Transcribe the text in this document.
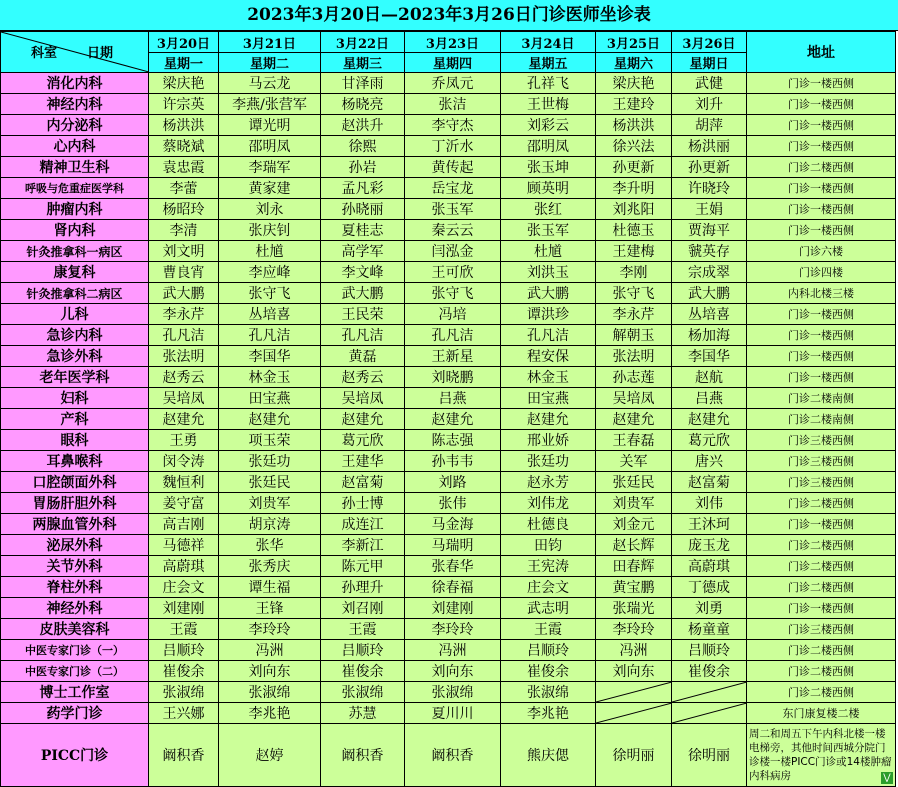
2023年3月20日—2023年3月26日门诊医师坐诊表
科室 日期	3月20日	3月21日	3月22日	3月23日	3月24日	3月25日	3月26日	地址
	星期一	星期二	星期三	星期四	星期五	星期六	星期日	
消化内科	梁庆艳	马云龙	甘泽雨	乔凤元	孔祥飞	梁庆艳	武健	门诊一楼西侧
神经内科	许宗英	李燕/张营军	杨晓亮	张洁	王世梅	王建玲	刘升	门诊一楼西侧
内分泌科	杨洪洪	谭光明	赵洪升	李守杰	刘彩云	杨洪洪	胡萍	门诊一楼西侧
心内科	蔡晓斌	邵明凤	徐熙	丁沂水	邵明凤	徐兴法	杨洪丽	门诊一楼西侧
精神卫生科	袁忠霞	李瑞军	孙岩	黄传起	张玉坤	孙更新	孙更新	门诊二楼西侧
呼吸与危重症医学科	李蕾	黄家建	孟凡彩	岳宝龙	顾英明	李升明	许晓玲	门诊一楼西侧
肿瘤内科	杨昭玲	刘永	孙晓丽	张玉军	张红	刘兆阳	王娟	门诊一楼西侧
肾内科	李清	张庆钊	夏桂志	秦云云	张玉军	杜德玉	贾海平	门诊一楼西侧
针灸推拿科一病区	刘文明	杜馗	高学军	闫泓金	杜馗	王建梅	虢英存	门诊六楼
康复科	曹良宵	李应峰	李文峰	王可欣	刘洪玉	李刚	宗成翠	门诊四楼
针灸推拿科二病区	武大鹏	张守飞	武大鹏	张守飞	武大鹏	张守飞	武大鹏	内科北楼三楼
儿科	李永芹	丛培喜	王民荣	冯培	谭洪珍	李永芹	丛培喜	门诊一楼西侧
急诊内科	孔凡洁	孔凡洁	孔凡洁	孔凡洁	孔凡洁	解朝玉	杨加海	门诊一楼西侧
急诊外科	张法明	李国华	黄磊	王新星	程安保	张法明	李国华	门诊一楼西侧
老年医学科	赵秀云	林金玉	赵秀云	刘晓鹏	林金玉	孙志莲	赵航	门诊一楼西侧
妇科	吴培凤	田宝燕	吴培凤	吕燕	田宝燕	吴培凤	吕燕	门诊二楼南侧
产科	赵建允	赵建允	赵建允	赵建允	赵建允	赵建允	赵建允	门诊二楼南侧
眼科	王勇	项玉荣	葛元欣	陈志强	邢业娇	王春磊	葛元欣	门诊三楼西侧
耳鼻喉科	闵令涛	张廷功	王建华	孙韦韦	张廷功	关军	唐兴	门诊三楼西侧
口腔颌面外科	魏恒利	张廷民	赵富菊	刘路	赵永芳	张廷民	赵富菊	门诊三楼西侧
胃肠肝胆外科	姜守富	刘贵军	孙士博	张伟	刘伟龙	刘贵军	刘伟	门诊二楼西侧
两腺血管外科	高吉刚	胡京涛	成连江	马金海	杜德良	刘金元	王沐珂	门诊一楼西侧
泌尿外科	马德祥	张华	李新江	马瑞明	田钧	赵长辉	庞玉龙	门诊二楼西侧
关节外科	高蔚琪	张秀庆	陈元甲	张春华	王宪涛	田春辉	高蔚琪	门诊二楼西侧
脊柱外科	庄会文	谭生福	孙理升	徐春福	庄会文	黄宝鹏	丁德成	门诊二楼西侧
神经外科	刘建刚	王锋	刘召刚	刘建刚	武志明	张瑞光	刘勇	门诊一楼西侧
皮肤美容科	王霞	李玲玲	王霞	李玲玲	王霞	李玲玲	杨童童	门诊三楼西侧
中医专家门诊（一）	吕顺玲	冯洲	吕顺玲	冯洲	吕顺玲	冯洲	吕顺玲	门诊二楼西侧
中医专家门诊（二）	崔俊余	刘向东	崔俊余	刘向东	崔俊余	刘向东	崔俊余	门诊二楼西侧
博士工作室	张淑绵	张淑绵	张淑绵	张淑绵	张淑绵			门诊二楼西侧
药学门诊	王兴娜	李兆艳	苏慧	夏川川	李兆艳			东门康复楼二楼
PICC门诊	阚积香	赵婷	阚积香	阚积香	熊庆偲	徐明丽	徐明丽	周二和周五下午内科北楼一楼电梯旁，其他时间西城分院门诊楼一楼PICC门诊或14楼肿瘤内科病房 ⋁
